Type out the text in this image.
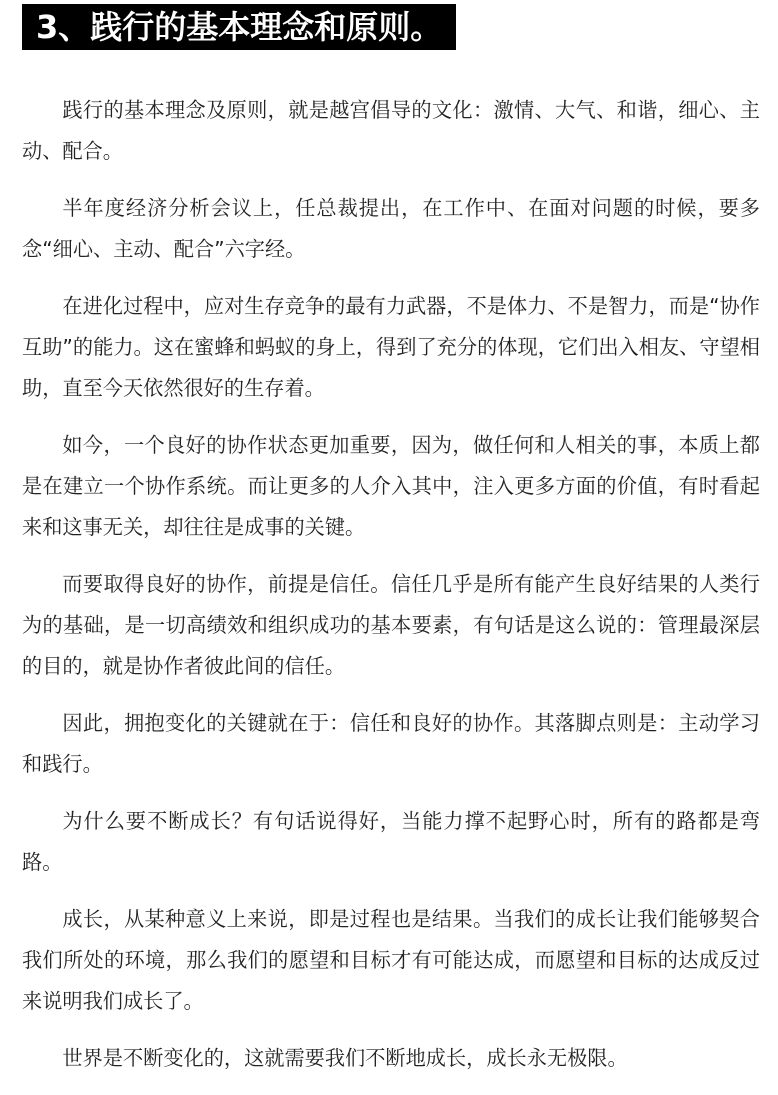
3、践行的基本理念和原则。

践行的基本理念及原则，就是越宫倡导的文化：激情、大气、和谐，细心、主动、配合。

半年度经济分析会议上，任总裁提出，在工作中、在面对问题的时候，要多念“细心、主动、配合”六字经。

在进化过程中，应对生存竞争的最有力武器，不是体力、不是智力，而是“协作互助”的能力。这在蜜蜂和蚂蚁的身上，得到了充分的体现，它们出入相友、守望相助，直至今天依然很好的生存着。

如今，一个良好的协作状态更加重要，因为，做任何和人相关的事，本质上都是在建立一个协作系统。而让更多的人介入其中，注入更多方面的价值，有时看起来和这事无关，却往往是成事的关键。

而要取得良好的协作，前提是信任。信任几乎是所有能产生良好结果的人类行为的基础，是一切高绩效和组织成功的基本要素，有句话是这么说的：管理最深层的目的，就是协作者彼此间的信任。

因此，拥抱变化的关键就在于：信任和良好的协作。其落脚点则是：主动学习和践行。

为什么要不断成长？有句话说得好，当能力撑不起野心时，所有的路都是弯路。

成长，从某种意义上来说，即是过程也是结果。当我们的成长让我们能够契合我们所处的环境，那么我们的愿望和目标才有可能达成，而愿望和目标的达成反过来说明我们成长了。

世界是不断变化的，这就需要我们不断地成长，成长永无极限。
